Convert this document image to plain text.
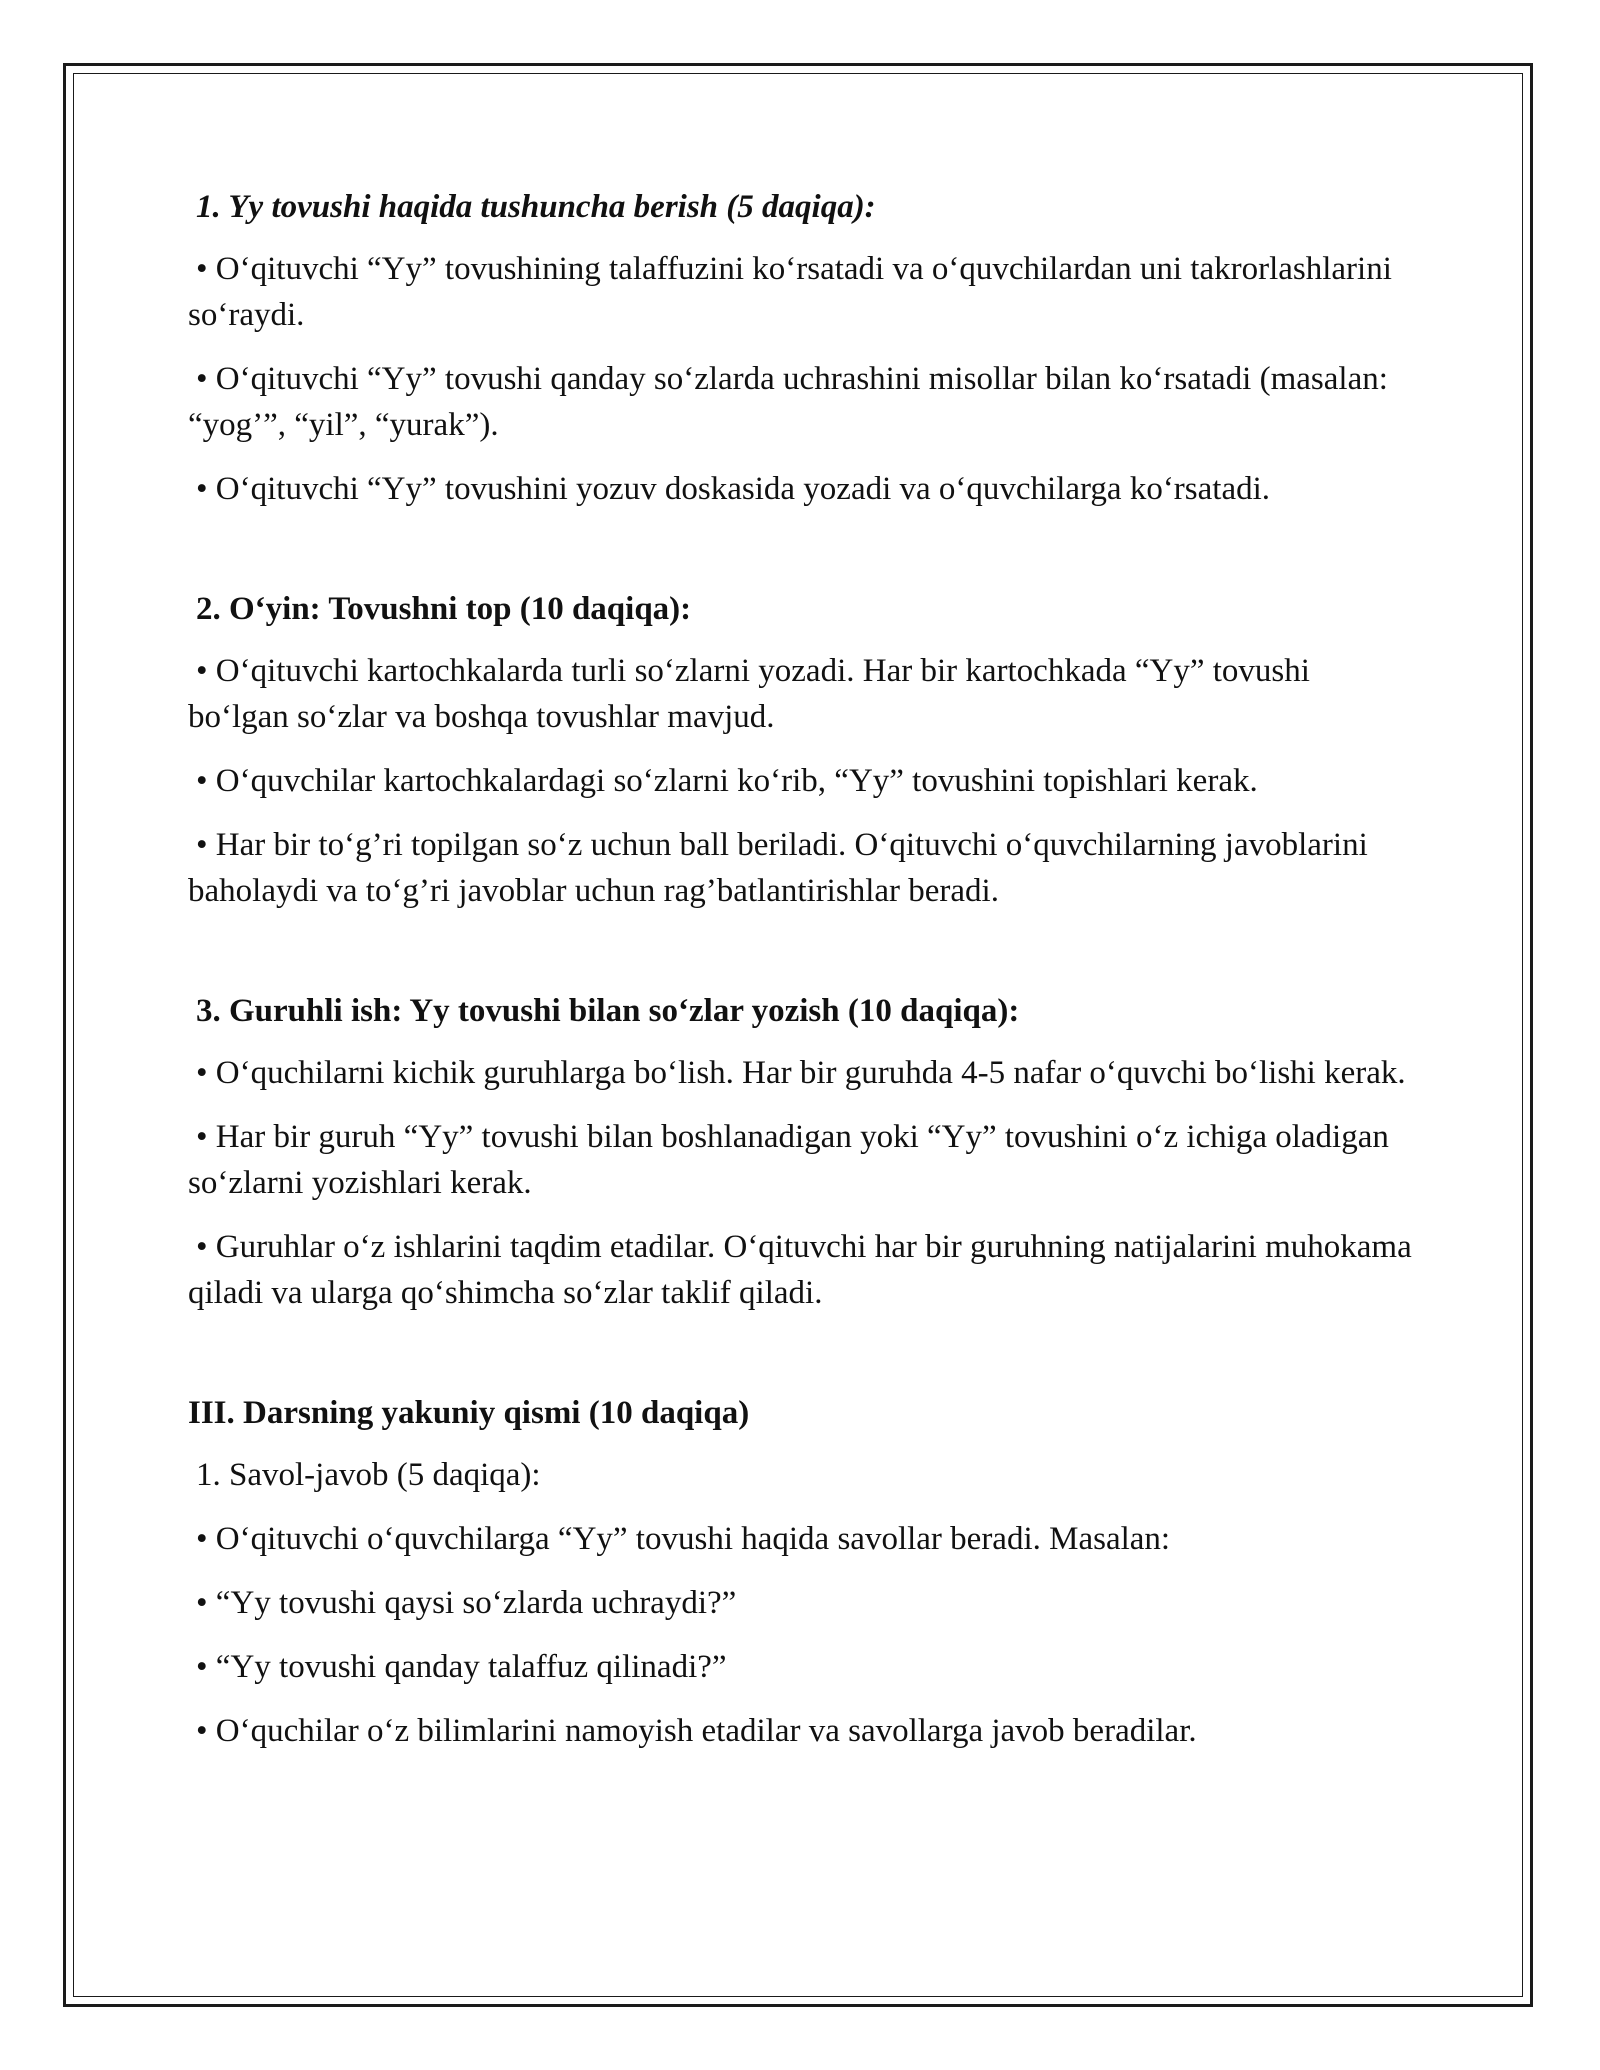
1. Yy tovushi haqida tushuncha berish (5 daqiqa):
• O‘qituvchi “Yy” tovushining talaffuzini ko‘rsatadi va o‘quvchilardan uni takrorlashlarini so‘raydi.
• O‘qituvchi “Yy” tovushi qanday so‘zlarda uchrashini misollar bilan ko‘rsatadi (masalan: “yog’”, “yil”, “yurak”).
• O‘qituvchi “Yy” tovushini yozuv doskasida yozadi va o‘quvchilarga ko‘rsatadi.
2. O‘yin: Tovushni top (10 daqiqa):
• O‘qituvchi kartochkalarda turli so‘zlarni yozadi. Har bir kartochkada “Yy” tovushi bo‘lgan so‘zlar va boshqa tovushlar mavjud.
• O‘quvchilar kartochkalardagi so‘zlarni ko‘rib, “Yy” tovushini topishlari kerak.
• Har bir to‘g’ri topilgan so‘z uchun ball beriladi. O‘qituvchi o‘quvchilarning javoblarini baholaydi va to‘g’ri javoblar uchun rag’batlantirishlar beradi.
3. Guruhli ish: Yy tovushi bilan so‘zlar yozish (10 daqiqa):
• O‘quchilarni kichik guruhlarga bo‘lish. Har bir guruhda 4-5 nafar o‘quvchi bo‘lishi kerak.
• Har bir guruh “Yy” tovushi bilan boshlanadigan yoki “Yy” tovushini o‘z ichiga oladigan so‘zlarni yozishlari kerak.
• Guruhlar o‘z ishlarini taqdim etadilar. O‘qituvchi har bir guruhning natijalarini muhokama qiladi va ularga qo‘shimcha so‘zlar taklif qiladi.
III. Darsning yakuniy qismi (10 daqiqa)
1. Savol-javob (5 daqiqa):
• O‘qituvchi o‘quvchilarga “Yy” tovushi haqida savollar beradi. Masalan:
• “Yy tovushi qaysi so‘zlarda uchraydi?”
• “Yy tovushi qanday talaffuz qilinadi?”
• O‘quchilar o‘z bilimlarini namoyish etadilar va savollarga javob beradilar.
